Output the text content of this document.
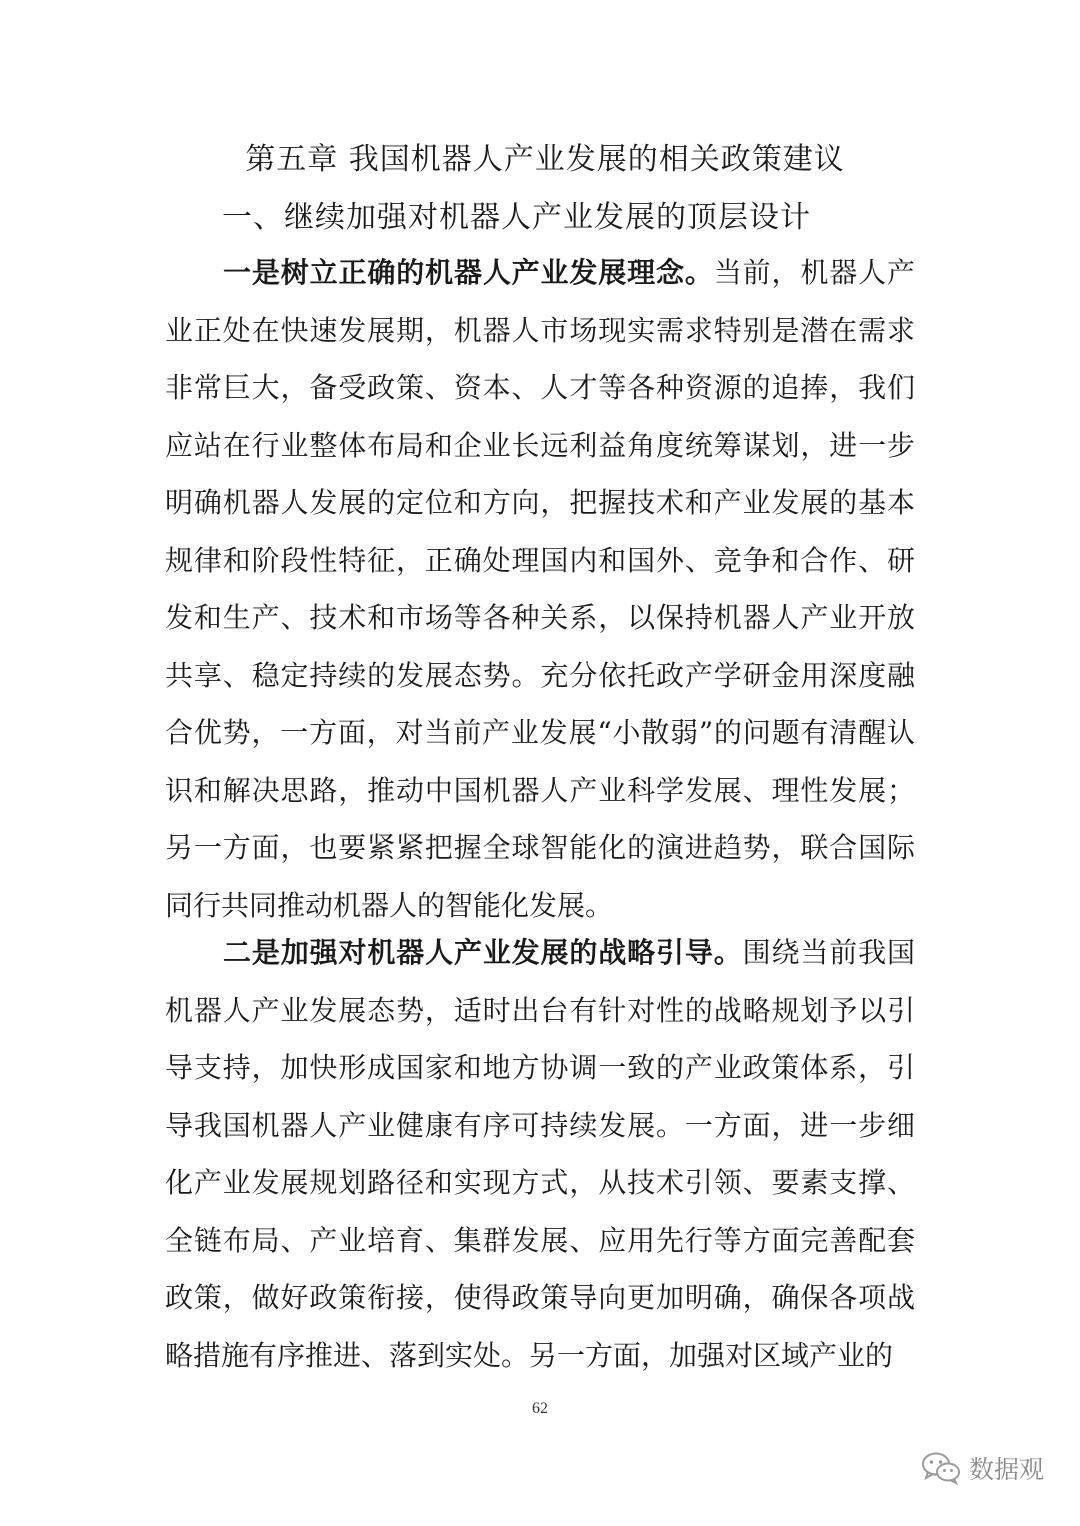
第五章 我国机器人产业发展的相关政策建议
一、继续加强对机器人产业发展的顶层设计

一是树立正确的机器人产业发展理念。当前，机器人产业正处在快速发展期，机器人市场现实需求特别是潜在需求非常巨大，备受政策、资本、人才等各种资源的追捧，我们应站在行业整体布局和企业长远利益角度统筹谋划，进一步明确机器人发展的定位和方向，把握技术和产业发展的基本规律和阶段性特征，正确处理国内和国外、竞争和合作、研发和生产、技术和市场等各种关系，以保持机器人产业开放共享、稳定持续的发展态势。充分依托政产学研金用深度融合优势，一方面，对当前产业发展“小散弱”的问题有清醒认识和解决思路，推动中国机器人产业科学发展、理性发展；另一方面，也要紧紧把握全球智能化的演进趋势，联合国际同行共同推动机器人的智能化发展。

二是加强对机器人产业发展的战略引导。围绕当前我国机器人产业发展态势，适时出台有针对性的战略规划予以引导支持，加快形成国家和地方协调一致的产业政策体系，引导我国机器人产业健康有序可持续发展。一方面，进一步细化产业发展规划路径和实现方式，从技术引领、要素支撑、全链布局、产业培育、集群发展、应用先行等方面完善配套政策，做好政策衔接，使得政策导向更加明确，确保各项战略措施有序推进、落到实处。另一方面，加强对区域产业的

62
数据观
